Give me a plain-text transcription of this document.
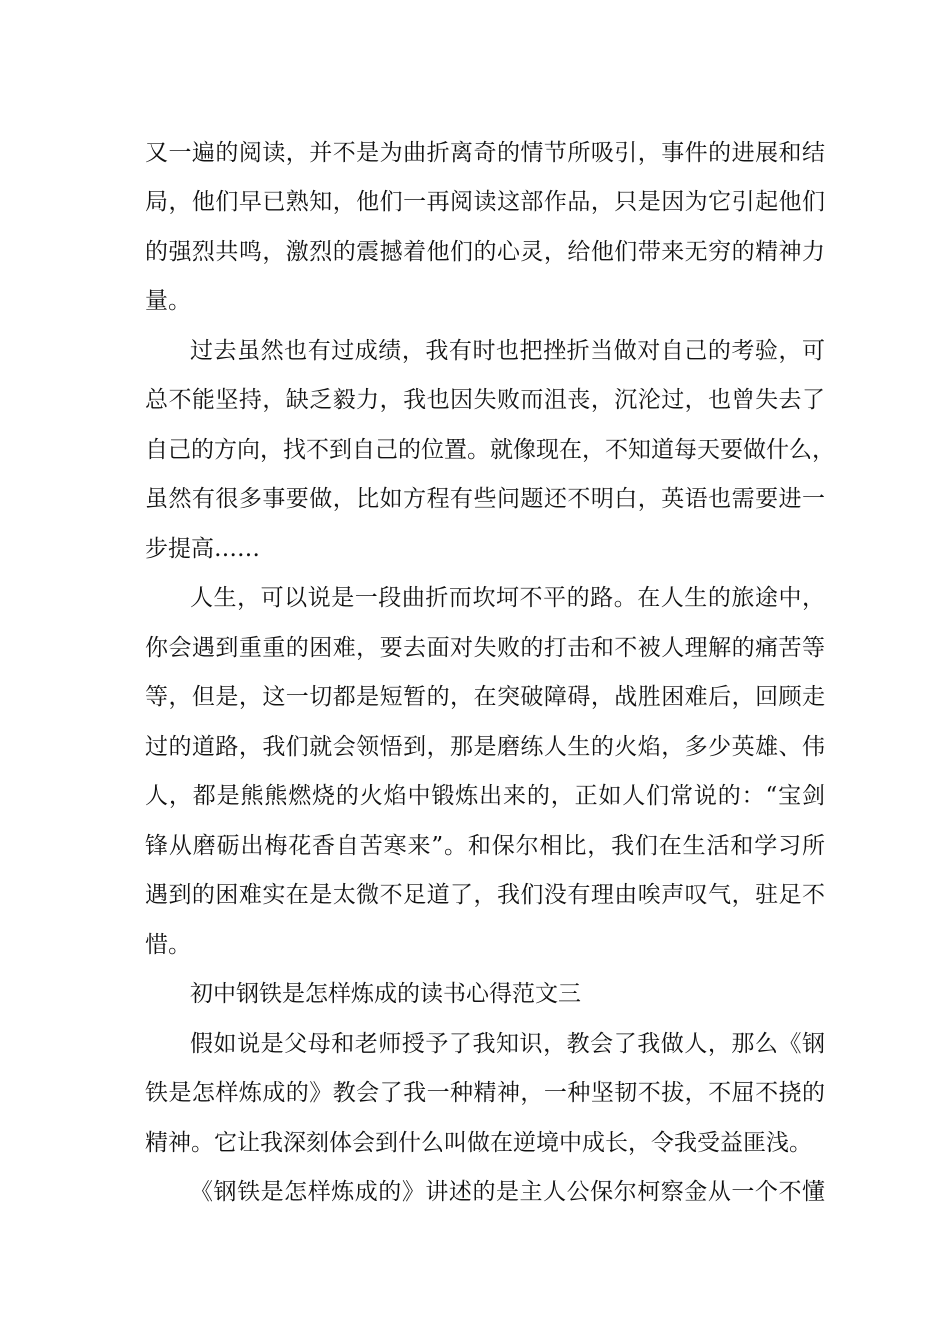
又一遍的阅读，并不是为曲折离奇的情节所吸引，事件的进展和结

局，他们早已熟知，他们一再阅读这部作品，只是因为它引起他们

的强烈共鸣，激烈的震撼着他们的心灵，给他们带来无穷的精神力

量。

过去虽然也有过成绩，我有时也把挫折当做对自己的考验，可

总不能坚持，缺乏毅力，我也因失败而沮丧，沉沦过，也曾失去了

自己的方向，找不到自己的位置。就像现在，不知道每天要做什么，

虽然有很多事要做，比如方程有些问题还不明白，英语也需要进一

步提高……

人生，可以说是一段曲折而坎坷不平的路。在人生的旅途中，

你会遇到重重的困难，要去面对失败的打击和不被人理解的痛苦等

等，但是，这一切都是短暂的，在突破障碍，战胜困难后，回顾走

过的道路，我们就会领悟到，那是磨练人生的火焰，多少英雄、伟

人，都是熊熊燃烧的火焰中锻炼出来的，正如人们常说的：“宝剑

锋从磨砺出梅花香自苦寒来”。和保尔相比，我们在生活和学习所

遇到的困难实在是太微不足道了，我们没有理由唉声叹气，驻足不

惜。

初中钢铁是怎样炼成的读书心得范文三

假如说是父母和老师授予了我知识，教会了我做人，那么《钢

铁是怎样炼成的》教会了我一种精神，一种坚韧不拔，不屈不挠的

精神。它让我深刻体会到什么叫做在逆境中成长，令我受益匪浅。

《钢铁是怎样炼成的》讲述的是主人公保尔柯察金从一个不懂
